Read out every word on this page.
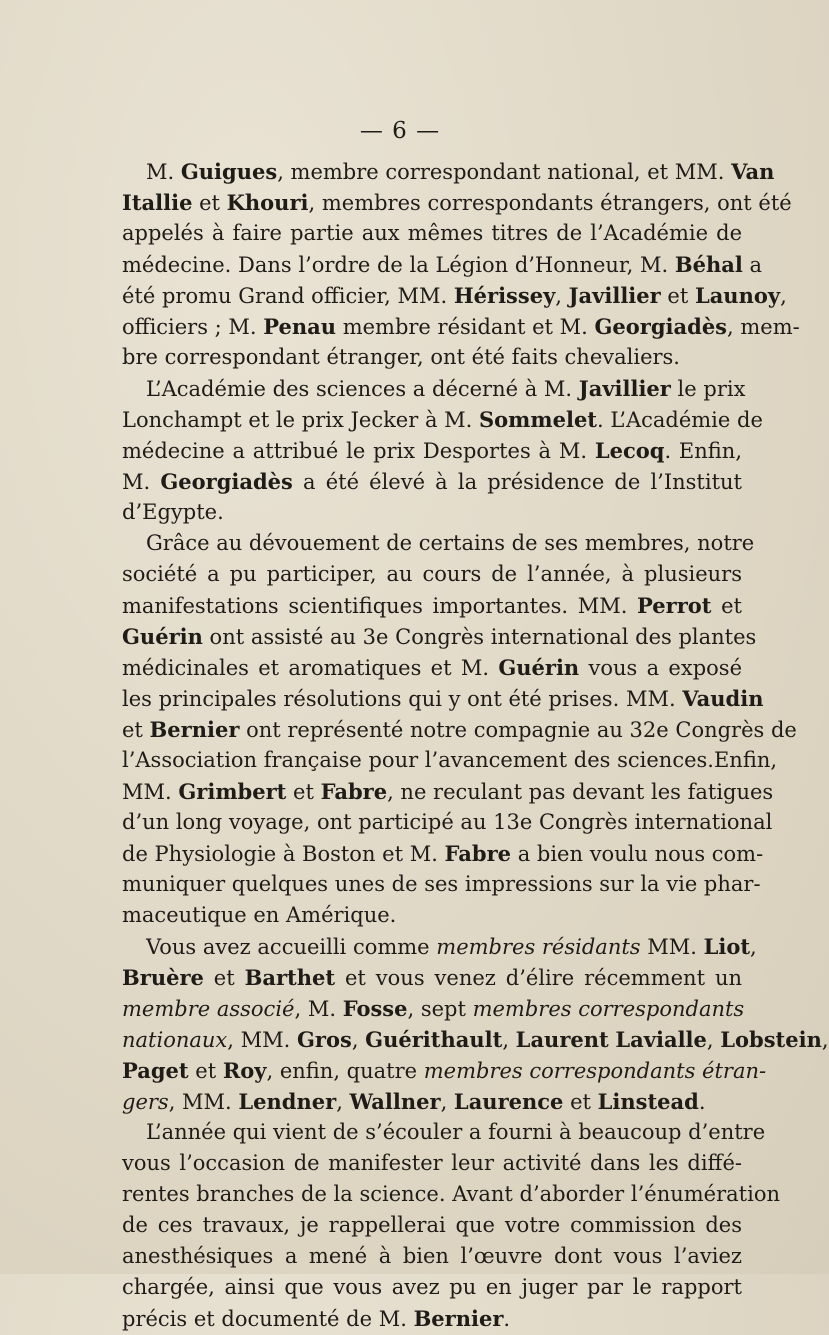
— 6 —
M. Guigues, membre correspondant national, et MM. Van
Itallie et Khouri, membres correspondants étrangers, ont été
appelés à faire partie aux mêmes titres de l’Académie de
médecine. Dans l’ordre de la Légion d’Honneur, M. Béhal a
été promu Grand officier, MM. Hérissey, Javillier et Launoy,
officiers ; M. Penau membre résidant et M. Georgiadès, mem-
bre correspondant étranger, ont été faits chevaliers.
L’Académie des sciences a décerné à M. Javillier le prix
Lonchampt et le prix Jecker à M. Sommelet. L’Académie de
médecine a attribué le prix Desportes à M. Lecoq. Enfin,
M. Georgiadès a été élevé à la présidence de l’Institut
d’Egypte.
Grâce au dévouement de certains de ses membres, notre
société a pu participer, au cours de l’année, à plusieurs
manifestations scientifiques importantes. MM. Perrot et
Guérin ont assisté au 3e Congrès international des plantes
médicinales et aromatiques et M. Guérin vous a exposé
les principales résolutions qui y ont été prises. MM. Vaudin
et Bernier ont représenté notre compagnie au 32e Congrès de
l’Association française pour l’avancement des sciences.Enfin,
MM. Grimbert et Fabre, ne reculant pas devant les fatigues
d’un long voyage, ont participé au 13e Congrès international
de Physiologie à Boston et M. Fabre a bien voulu nous com-
muniquer quelques unes de ses impressions sur la vie phar-
maceutique en Amérique.
Vous avez accueilli comme membres résidants MM. Liot,
Bruère et Barthet et vous venez d’élire récemment un
membre associé, M. Fosse, sept membres correspondants
nationaux, MM. Gros, Guérithault, Laurent Lavialle, Lobstein,
Paget et Roy, enfin, quatre membres correspondants étran-
gers, MM. Lendner, Wallner, Laurence et Linstead.
L’année qui vient de s’écouler a fourni à beaucoup d’entre
vous l’occasion de manifester leur activité dans les diffé-
rentes branches de la science. Avant d’aborder l’énumération
de ces travaux, je rappellerai que votre commission des
anesthésiques a mené à bien l’œuvre dont vous l’aviez
chargée, ainsi que vous avez pu en juger par le rapport
précis et documenté de M. Bernier.
